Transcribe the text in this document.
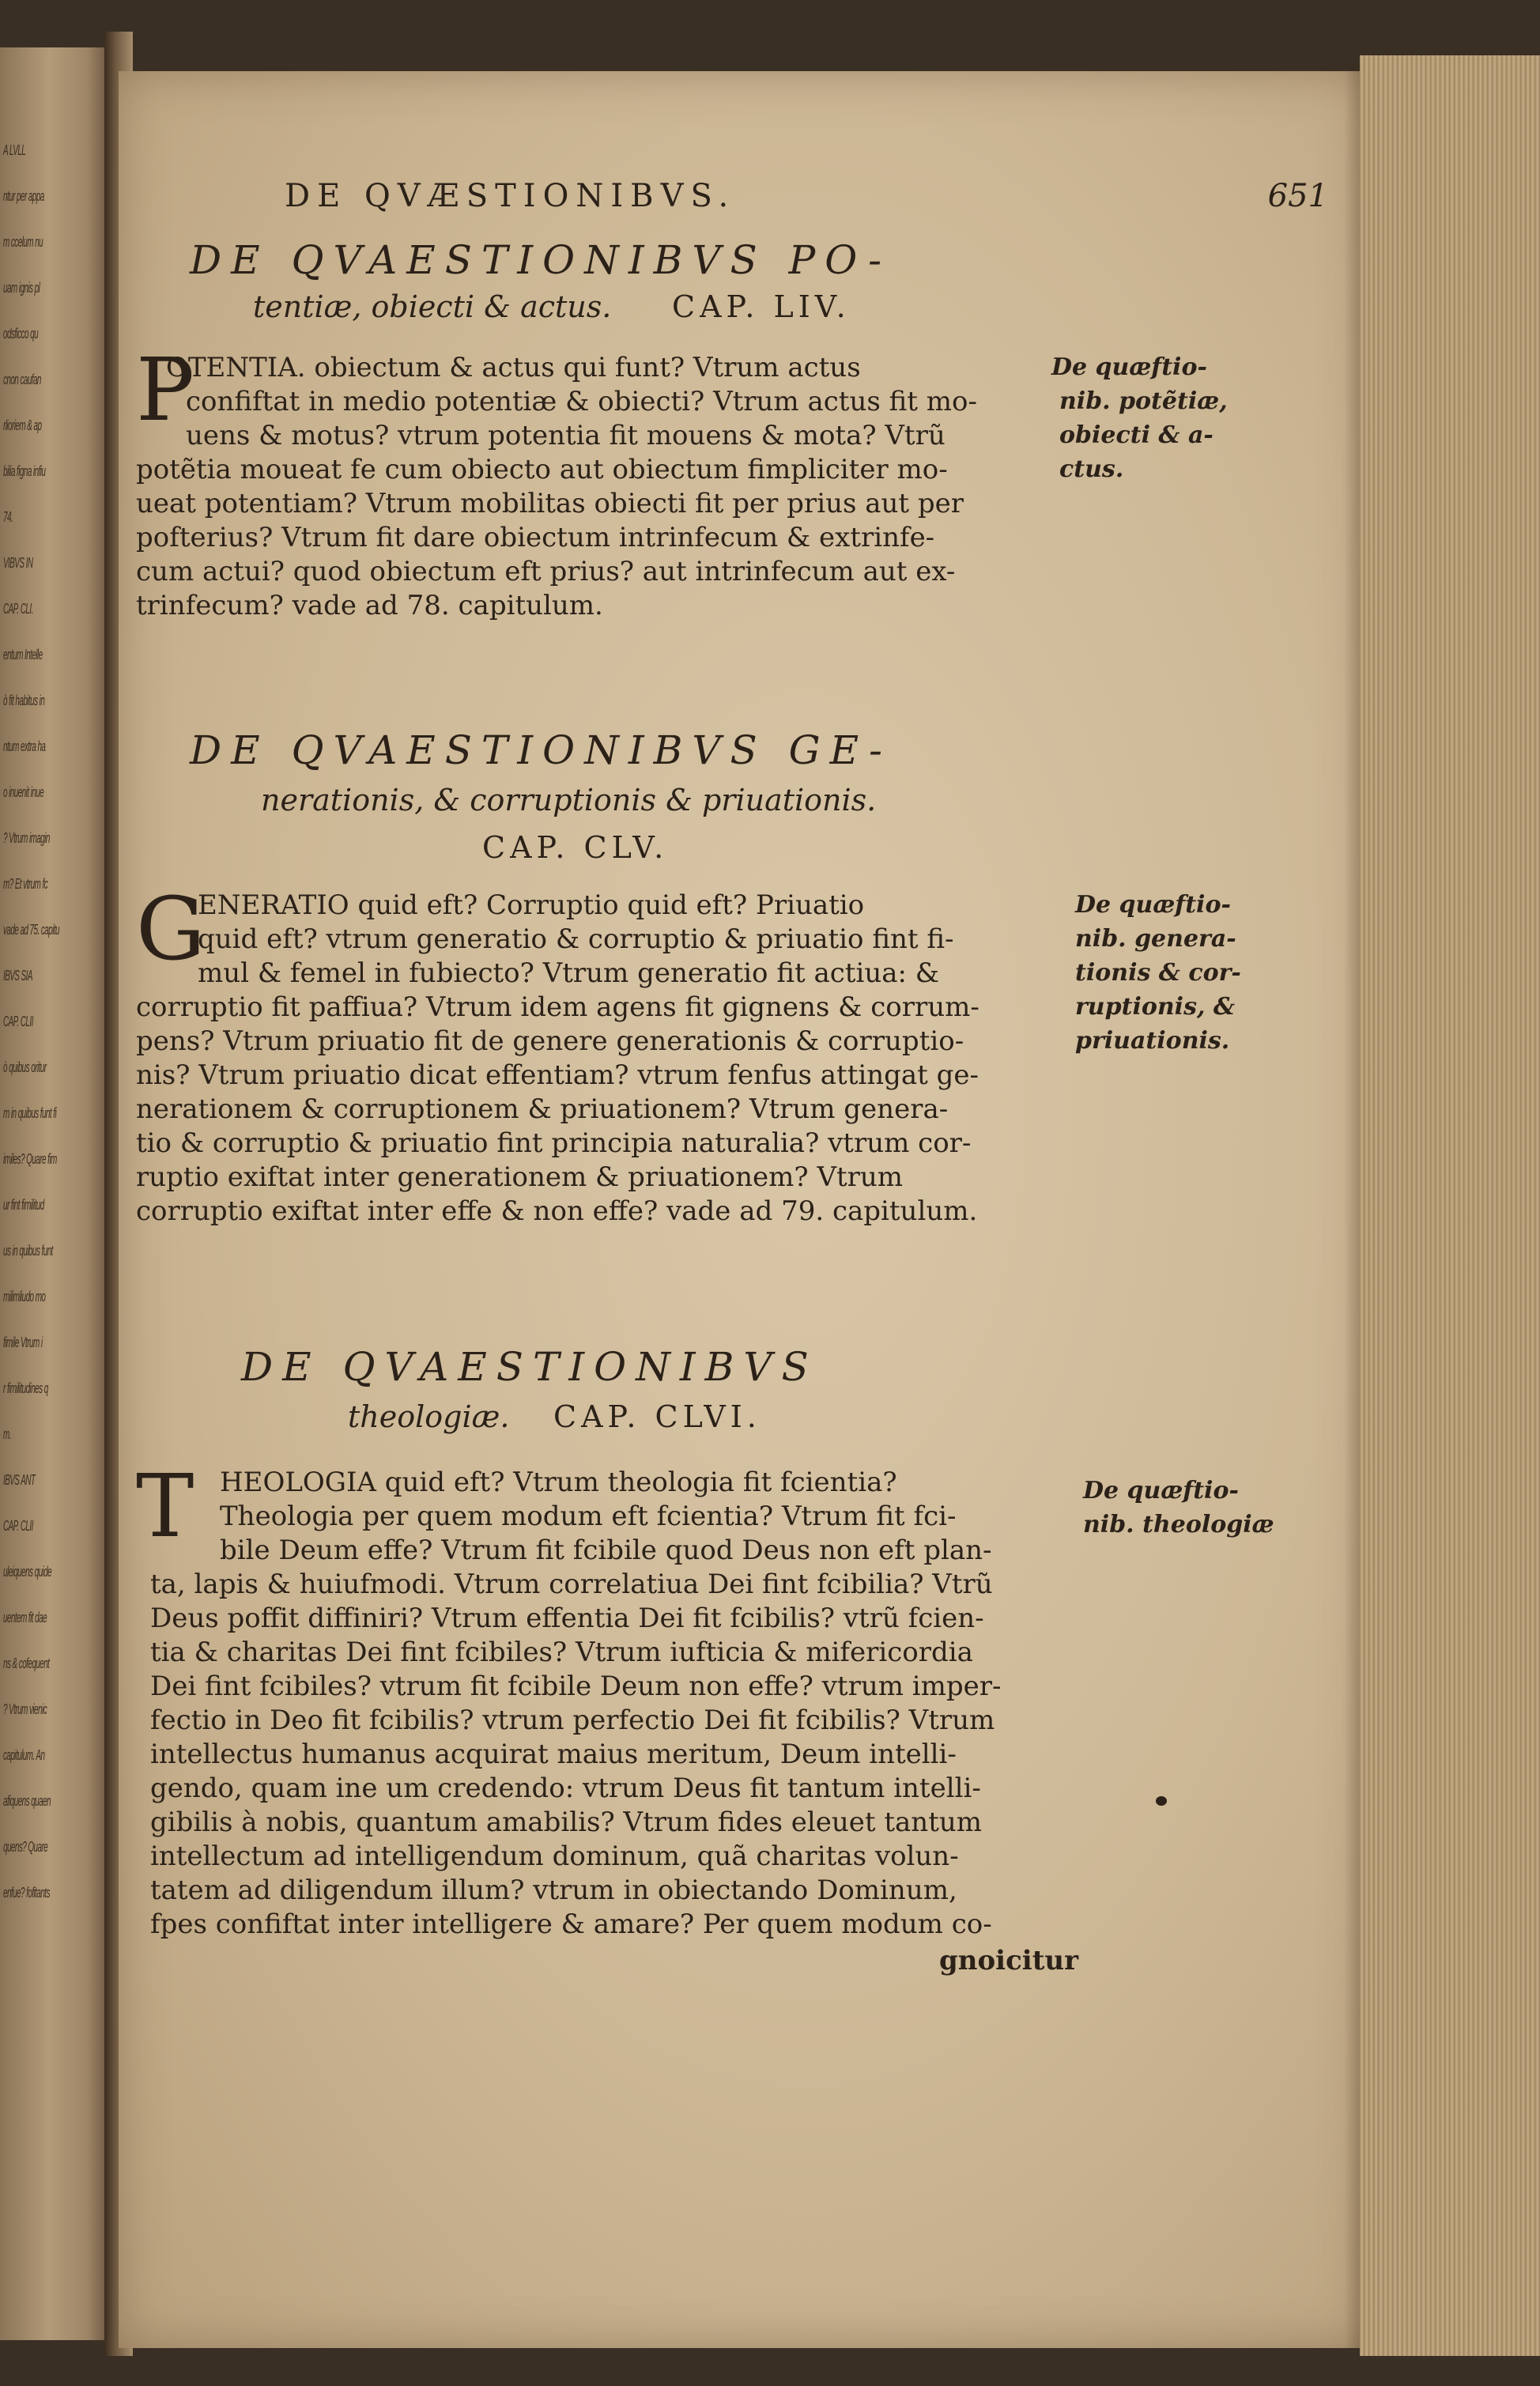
A LVLL
ntur per appa
m ccelum nu
uam ignis pl
odsficco qu
cnon caufan
rlioriem & ap
bilia figna infiu
74.
VIBVS IN
CAP. CLI.
entum Intelle
ò fit habitus in
ntum extra ha
o inuenit inue
? Vtrum imagin
m? Et vtrum fc
vade ad 75. capitu
IBVS SIA
CAP. CLII
ò quibus oritur
m in quibus funt fi
imiles? Quare fim
ur fint fimilitud
us in quibus funt
milimliudo mo
fimile Vtrum i
r fimilitudines q
m.
IBVS ANT
CAP. CLII
uleiquens quide
uentem fit dae
ns & cofequent
? Vtrum vienic
capitulum. An
afiquens quaen
quens? Quare
enfue? fofitants
DE QVÆSTIONIBVS.	651
DE QVAESTIONIBVS PO-
tentiæ, obiecti & actus. CAP. LIV.
P
OTENTIA. obiectum & actus qui funt? Vtrum actus
confiftat in medio potentiæ & obiecti? Vtrum actus fit mo-
uens & motus? vtrum potentia fit mouens & mota? Vtrũ
potẽtia moueat fe cum obiecto aut obiectum fimpliciter mo-
ueat potentiam? Vtrum mobilitas obiecti fit per prius aut per
pofterius? Vtrum fit dare obiectum intrinfecum & extrinfe-
cum actui? quod obiectum eft prius? aut intrinfecum aut ex-
trinfecum? vade ad 78. capitulum.
De quæftio-
nib. potẽtiæ,
obiecti & a-
ctus.
DE QVAESTIONIBVS GE-
nerationis, & corruptionis & priuationis.
CAP. CLV.
G
ENERATIO quid eft? Corruptio quid eft? Priuatio
quid eft? vtrum generatio & corruptio & priuatio fint fi-
mul & femel in fubiecto? Vtrum generatio fit actiua: &
corruptio fit paffiua? Vtrum idem agens fit gignens & corrum-
pens? Vtrum priuatio fit de genere generationis & corruptio-
nis? Vtrum priuatio dicat effentiam? vtrum fenfus attingat ge-
nerationem & corruptionem & priuationem? Vtrum genera-
tio & corruptio & priuatio fint principia naturalia? vtrum cor-
ruptio exiftat inter generationem & priuationem? Vtrum
corruptio exiftat inter effe & non effe? vade ad 79. capitulum.
De quæftio-
nib. genera-
tionis & cor-
ruptionis, &
priuationis.
DE QVAESTIONIBVS
theologiæ. CAP. CLVI.
T HEOLOGIA quid eft? Vtrum theologia fit fcientia?
Theologia per quem modum eft fcientia? Vtrum fit fci-
bile Deum effe? Vtrum fit fcibile quod Deus non eft plan-
ta, lapis & huiufmodi. Vtrum correlatiua Dei fint fcibilia? Vtrũ
Deus poffit diffiniri? Vtrum effentia Dei fit fcibilis? vtrũ fcien-
tia & charitas Dei fint fcibiles? Vtrum iufticia & mifericordia
Dei fint fcibiles? vtrum fit fcibile Deum non effe? vtrum imper-
fectio in Deo fit fcibilis? vtrum perfectio Dei fit fcibilis? Vtrum
intellectus humanus acquirat maius meritum, Deum intelli-
gendo, quam ine um credendo: vtrum Deus fit tantum intelli-
gibilis à nobis, quantum amabilis? Vtrum fides eleuet tantum
intellectum ad intelligendum dominum, quã charitas volun-
tatem ad diligendum illum? vtrum in obiectando Dominum,
fpes confiftat inter intelligere & amare? Per quem modum co-
De quæftio-
nib. theologiæ
gnoicitur
